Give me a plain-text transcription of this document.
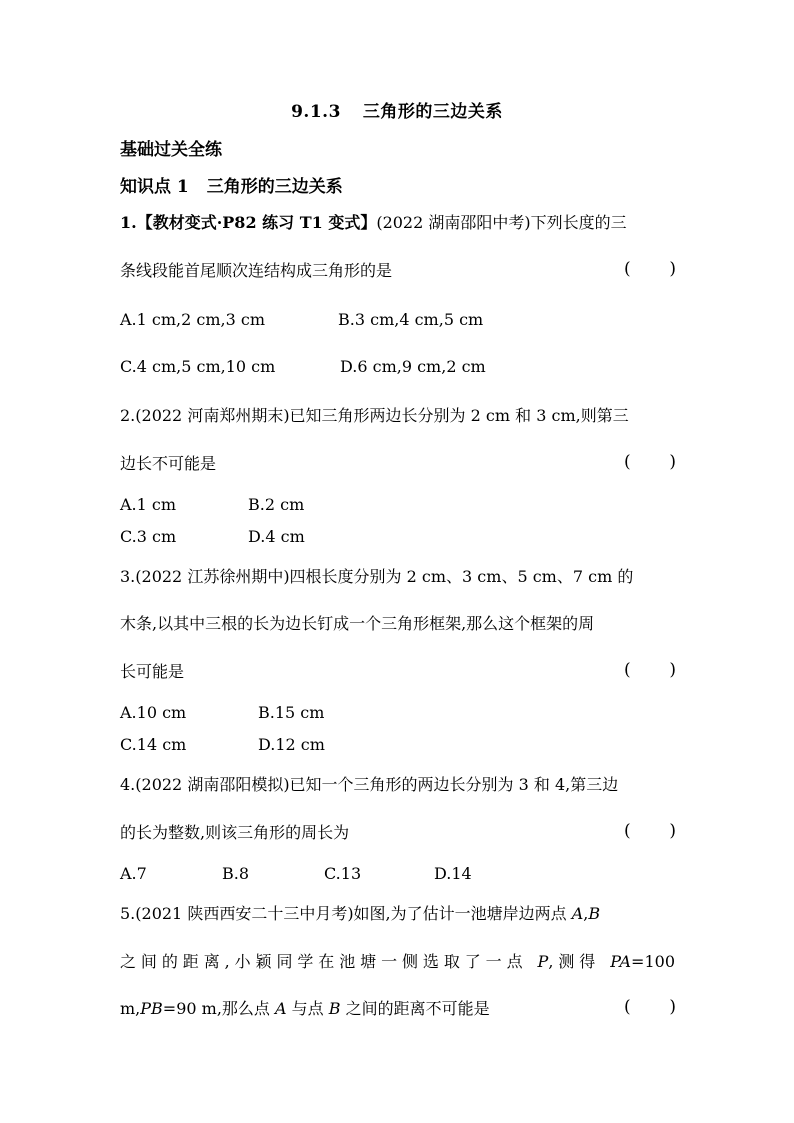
9.1.3 三角形的三边关系
基础过关全练
知识点 1 三角形的三边关系
1.【教材变式·P82 练习 T1 变式】(2022 湖南邵阳中考)下列长度的三
条线段能首尾顺次连结构成三角形的是	( )
A.1 cm,2 cm,3 cm	B.3 cm,4 cm,5 cm
C.4 cm,5 cm,10 cm	D.6 cm,9 cm,2 cm
2.(2022 河南郑州期末)已知三角形两边长分别为 2 cm 和 3 cm,则第三
边长不可能是	( )
A.1 cm	B.2 cm
C.3 cm	D.4 cm
3.(2022 江苏徐州期中)四根长度分别为 2 cm、3 cm、5 cm、7 cm 的
木条,以其中三根的长为边长钉成一个三角形框架,那么这个框架的周
长可能是	( )
A.10 cm	B.15 cm
C.14 cm	D.12 cm
4.(2022 湖南邵阳模拟)已知一个三角形的两边长分别为 3 和 4,第三边
的长为整数,则该三角形的周长为	( )
A.7	B.8	C.13	D.14
5.(2021 陕西西安二十三中月考)如图,为了估计一池塘岸边两点 A,B
之间的距离,小颖同学在池塘一侧选取了一点 P,测得 PA=100
m,PB=90 m,那么点 A 与点 B 之间的距离不可能是	( )
